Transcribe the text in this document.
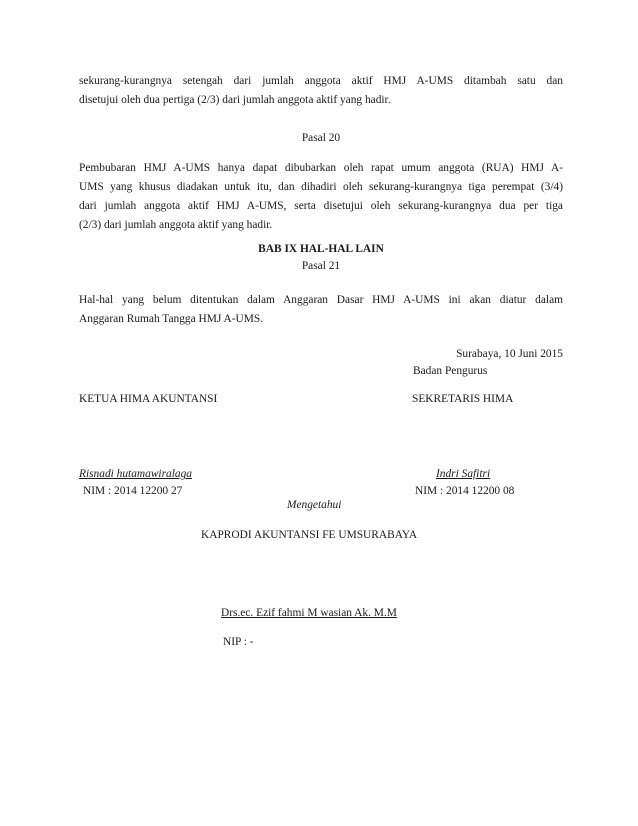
sekurang-kurangnya setengah dari jumlah anggota aktif HMJ A-UMS ditambah satu dan
disetujui oleh dua pertiga (2/3) dari jumlah anggota aktif yang hadir.
Pasal 20
Pembubaran HMJ A-UMS hanya dapat dibubarkan oleh rapat umum anggota (RUA) HMJ A-
UMS yang khusus diadakan untuk itu, dan dihadiri oleh sekurang-kurangnya tiga perempat (3/4)
dari jumlah anggota aktif HMJ A-UMS, serta disetujui oleh sekurang-kurangnya dua per tiga
(2/3) dari jumlah anggota aktif yang hadir.
BAB IX HAL-HAL LAIN
Pasal 21
Hal-hal yang belum ditentukan dalam Anggaran Dasar HMJ A-UMS ini akan diatur dalam
Anggaran Rumah Tangga HMJ A-UMS.
Surabaya, 10 Juni 2015
Badan Pengurus
KETUA HIMA AKUNTANSI	SEKRETARIS HIMA
Risnadi hutamawiralaga
NIM : 2014 12200 27
Indri Safitri
NIM : 2014 12200 08
Mengetahui
KAPRODI AKUNTANSI FE UMSURABAYA
Drs.ec. Ezif fahmi M wasian Ak. M.M
NIP : -
